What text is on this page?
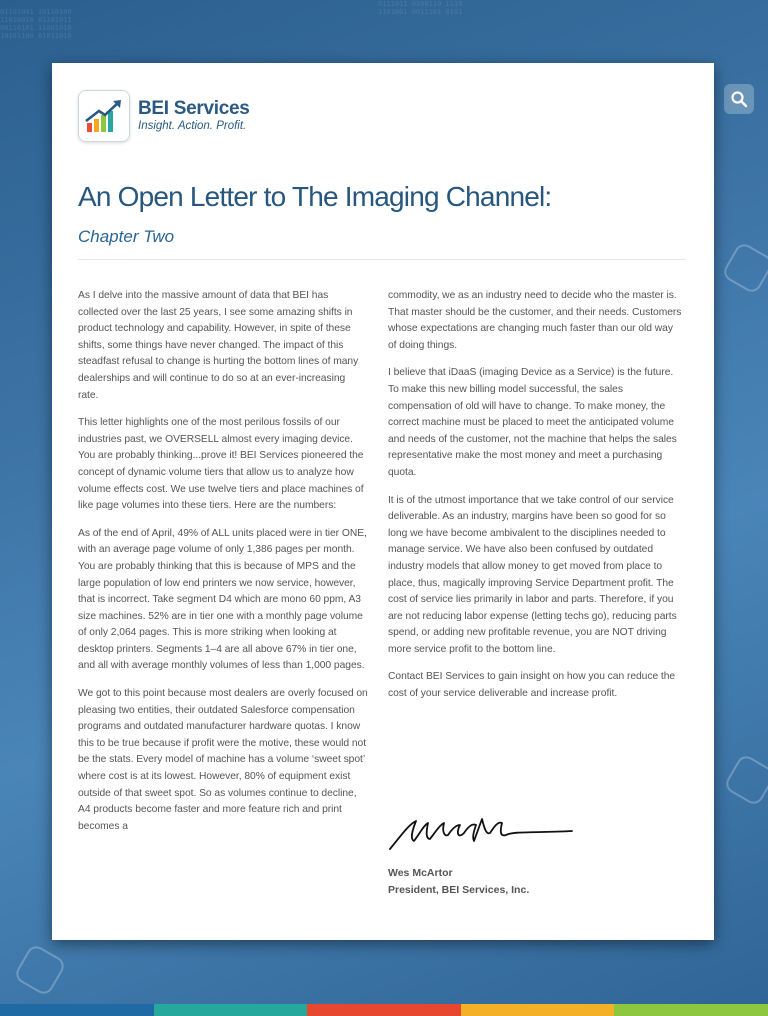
01101001 10110100
11010010 01101011
00110101 11001010
10101100 01011010
0111011 0100110 1110
1101001 0011101 0101
BEI Services
Insight. Action. Profit.
An Open Letter to The Imaging Channel:
Chapter Two

As I delve into the massive amount of data that BEI has collected over the last 25 years, I see some amazing shifts in product technology and capability. However, in spite of these shifts, some things have never changed. The impact of this steadfast refusal to change is hurting the bottom lines of many dealerships and will continue to do so at an ever-increasing rate.

This letter highlights one of the most perilous fossils of our industries past, we OVERSELL almost every imaging device. You are probably thinking...prove it! BEI Services pioneered the concept of dynamic volume tiers that allow us to analyze how volume effects cost. We use twelve tiers and place machines of like page volumes into these tiers. Here are the numbers:

As of the end of April, 49% of ALL units placed were in tier ONE, with an average page volume of only 1,386 pages per month. You are probably thinking that this is because of MPS and the large population of low end printers we now service, however, that is incorrect. Take segment D4 which are mono 60 ppm, A3 size machines. 52% are in tier one with a monthly page volume of only 2,064 pages. This is more striking when looking at desktop printers. Segments 1–4 are all above 67% in tier one, and all with average monthly volumes of less than 1,000 pages.

We got to this point because most dealers are overly focused on pleasing two entities, their outdated Salesforce compensation programs and outdated manufacturer hardware quotas. I know this to be true because if profit were the motive, these would not be the stats. Every model of machine has a volume ‘sweet spot’ where cost is at its lowest. However, 80% of equipment exist outside of that sweet spot. So as volumes continue to decline, A4 products become faster and more feature rich and print becomes a

commodity, we as an industry need to decide who the master is. That master should be the customer, and their needs. Customers whose expectations are changing much faster than our old way of doing things.

I believe that iDaaS (imaging Device as a Service) is the future. To make this new billing model successful, the sales compensation of old will have to change. To make money, the correct machine must be placed to meet the anticipated volume and needs of the customer, not the machine that helps the sales representative make the most money and meet a purchasing quota.

It is of the utmost importance that we take control of our service deliverable. As an industry, margins have been so good for so long we have become ambivalent to the disciplines needed to manage service. We have also been confused by outdated industry models that allow money to get moved from place to place, thus, magically improving Service Department profit. The cost of service lies primarily in labor and parts. Therefore, if you are not reducing labor expense (letting techs go), reducing parts spend, or adding new profitable revenue, you are NOT driving more service profit to the bottom line.

Contact BEI Services to gain insight on how you can reduce the cost of your service deliverable and increase profit.

Wes McArtor
President, BEI Services, Inc.
